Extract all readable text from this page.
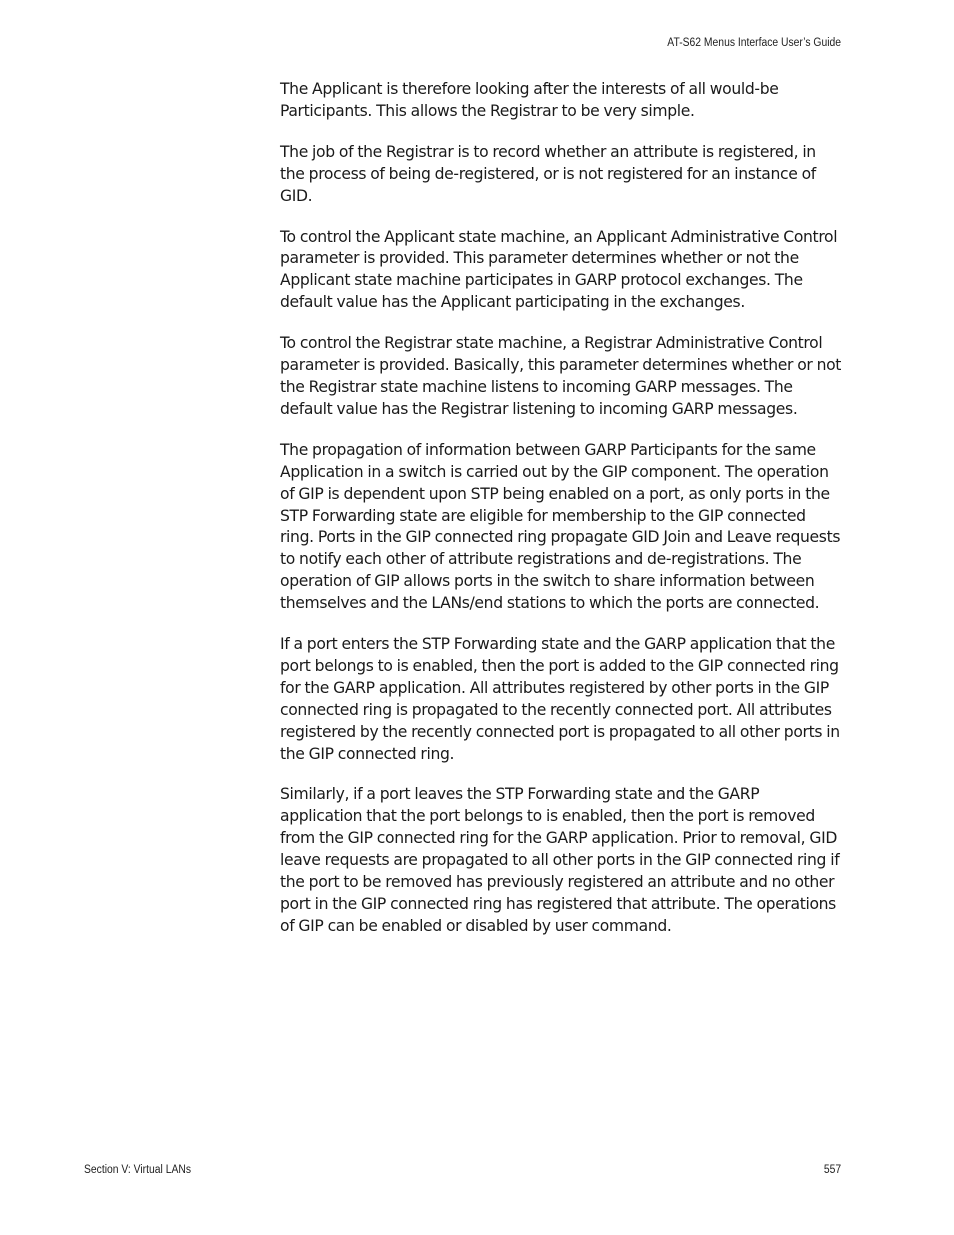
AT-S62 Menus Interface User’s Guide

The Applicant is therefore looking after the interests of all would-be Participants. This allows the Registrar to be very simple.

The job of the Registrar is to record whether an attribute is registered, in the process of being de-registered, or is not registered for an instance of GID.

To control the Applicant state machine, an Applicant Administrative Control parameter is provided. This parameter determines whether or not the Applicant state machine participates in GARP protocol exchanges. The default value has the Applicant participating in the exchanges.

To control the Registrar state machine, a Registrar Administrative Control parameter is provided. Basically, this parameter determines whether or not the Registrar state machine listens to incoming GARP messages. The default value has the Registrar listening to incoming GARP messages.

The propagation of information between GARP Participants for the same Application in a switch is carried out by the GIP component. The operation of GIP is dependent upon STP being enabled on a port, as only ports in the STP Forwarding state are eligible for membership to the GIP connected ring. Ports in the GIP connected ring propagate GID Join and Leave requests to notify each other of attribute registrations and de-registrations. The operation of GIP allows ports in the switch to share information between themselves and the LANs/end stations to which the ports are connected.

If a port enters the STP Forwarding state and the GARP application that the port belongs to is enabled, then the port is added to the GIP connected ring for the GARP application. All attributes registered by other ports in the GIP connected ring is propagated to the recently connected port. All attributes registered by the recently connected port is propagated to all other ports in the GIP connected ring.

Similarly, if a port leaves the STP Forwarding state and the GARP application that the port belongs to is enabled, then the port is removed from the GIP connected ring for the GARP application. Prior to removal, GID leave requests are propagated to all other ports in the GIP connected ring if the port to be removed has previously registered an attribute and no other port in the GIP connected ring has registered that attribute. The operations of GIP can be enabled or disabled by user command.

Section V: Virtual LANs	557
